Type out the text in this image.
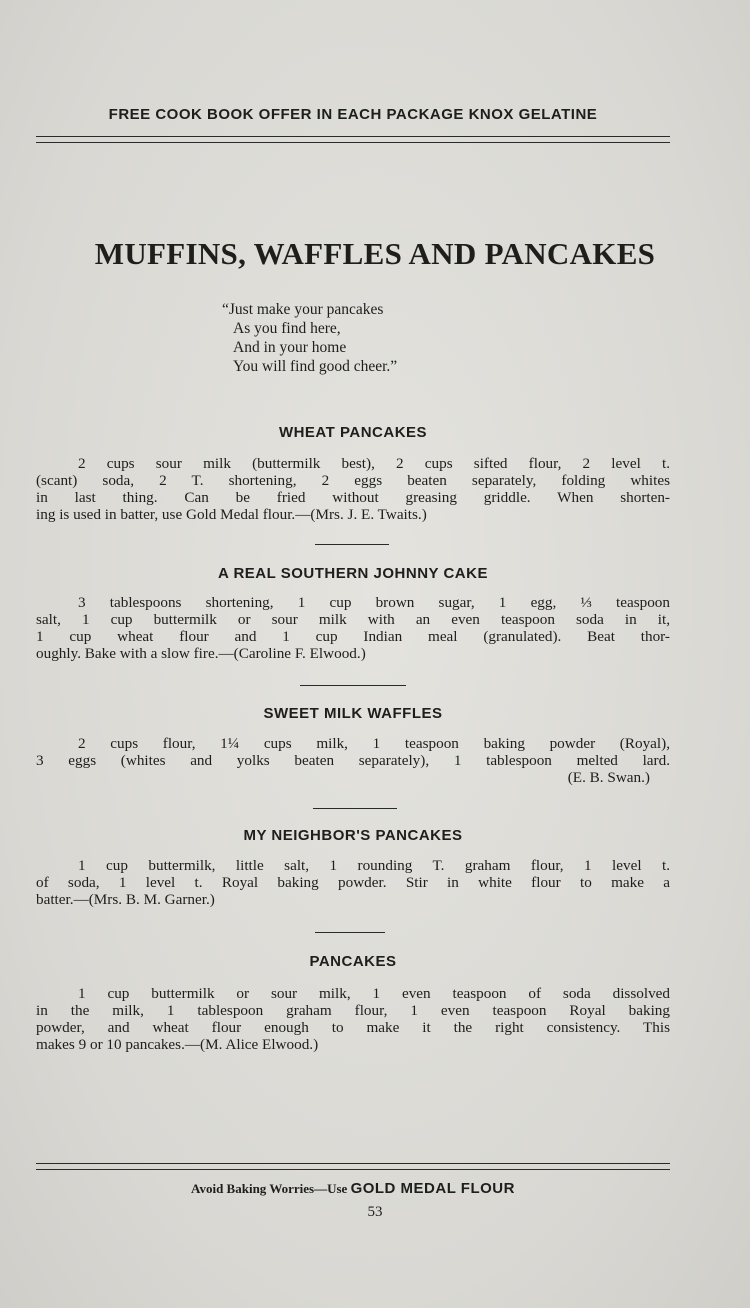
FREE COOK BOOK OFFER IN EACH PACKAGE KNOX GELATINE
MUFFINS, WAFFLES AND PANCAKES
“Just make your pancakes
As you find here,
And in your home
You will find good cheer.”
WHEAT PANCAKES
2 cups sour milk (buttermilk best), 2 cups sifted flour, 2 level t.
(scant) soda, 2 T. shortening, 2 eggs beaten separately, folding whites
in last thing. Can be fried without greasing griddle. When shorten-
ing is used in batter, use Gold Medal flour.—(Mrs. J. E. Twaits.)
A REAL SOUTHERN JOHNNY CAKE
3 tablespoons shortening, 1 cup brown sugar, 1 egg, ⅓ teaspoon
salt, 1 cup buttermilk or sour milk with an even teaspoon soda in it,
1 cup wheat flour and 1 cup Indian meal (granulated). Beat thor-
oughly. Bake with a slow fire.—(Caroline F. Elwood.)
SWEET MILK WAFFLES
2 cups flour, 1¼ cups milk, 1 teaspoon baking powder (Royal),
3 eggs (whites and yolks beaten separately), 1 tablespoon melted lard.
(E. B. Swan.)
MY NEIGHBOR'S PANCAKES
1 cup buttermilk, little salt, 1 rounding T. graham flour, 1 level t.
of soda, 1 level t. Royal baking powder. Stir in white flour to make a
batter.—(Mrs. B. M. Garner.)
PANCAKES
1 cup buttermilk or sour milk, 1 even teaspoon of soda dissolved
in the milk, 1 tablespoon graham flour, 1 even teaspoon Royal baking
powder, and wheat flour enough to make it the right consistency. This
makes 9 or 10 pancakes.—(M. Alice Elwood.)
Avoid Baking Worries—Use GOLD MEDAL FLOUR
53
